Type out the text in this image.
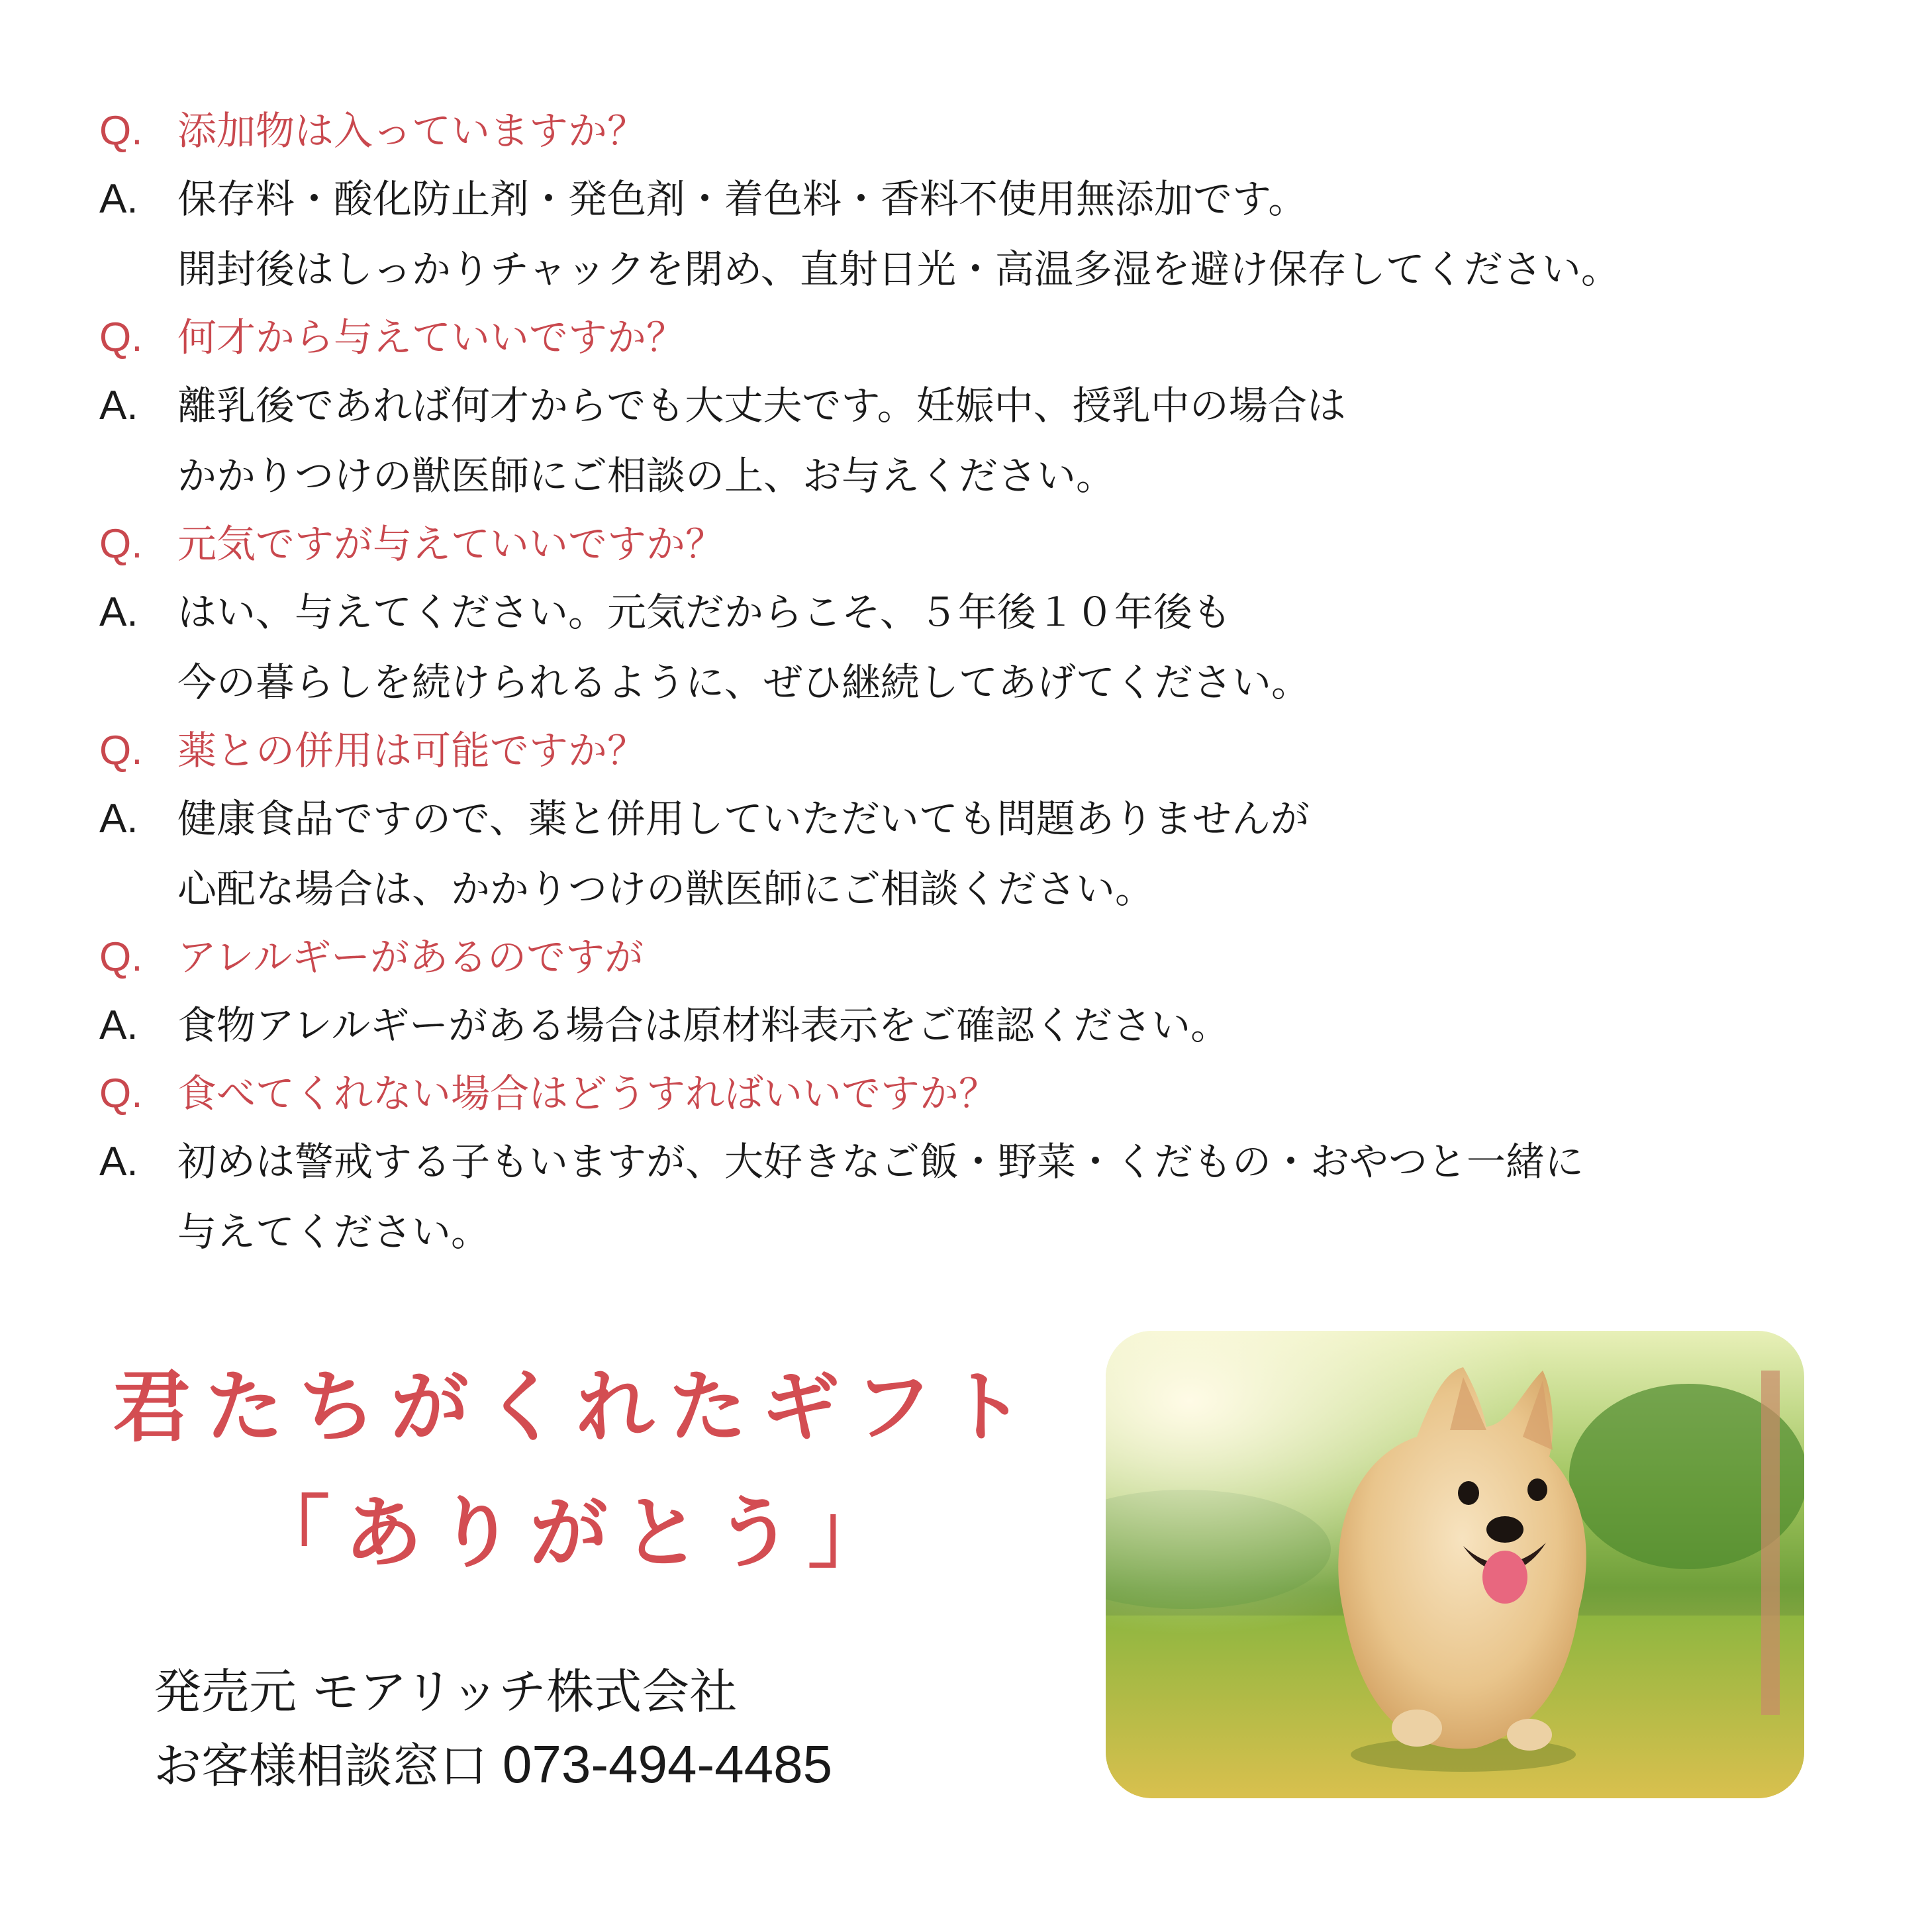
Q. 添加物は入っていますか？
A.	保存料・酸化防止剤・発色剤・着色料・香料不使用無添加です。
開封後はしっかりチャックを閉め、直射日光・高温多湿を避け保存してください。
Q. 何才から与えていいですか？
A.	離乳後であれば何才からでも大丈夫です。妊娠中、授乳中の場合は
かかりつけの獣医師にご相談の上、お与えください。
Q. 元気ですが与えていいですか？
A.	はい、与えてください。元気だからこそ、５年後１０年後も
今の暮らしを続けられるように、ぜひ継続してあげてください。
Q. 薬との併用は可能ですか？
A.	健康食品ですので、薬と併用していただいても問題ありませんが
心配な場合は、かかりつけの獣医師にご相談ください。
Q. アレルギーがあるのですが
A.	食物アレルギーがある場合は原材料表示をご確認ください。
Q. 食べてくれない場合はどうすればいいですか？
A.	初めは警戒する子もいますが、大好きなご飯・野菜・くだもの・おやつと一緒に
与えてください。
君たちがくれたギフト
「ありがとう」
発売元 モアリッチ株式会社
お客様相談窓口 073-494-4485
